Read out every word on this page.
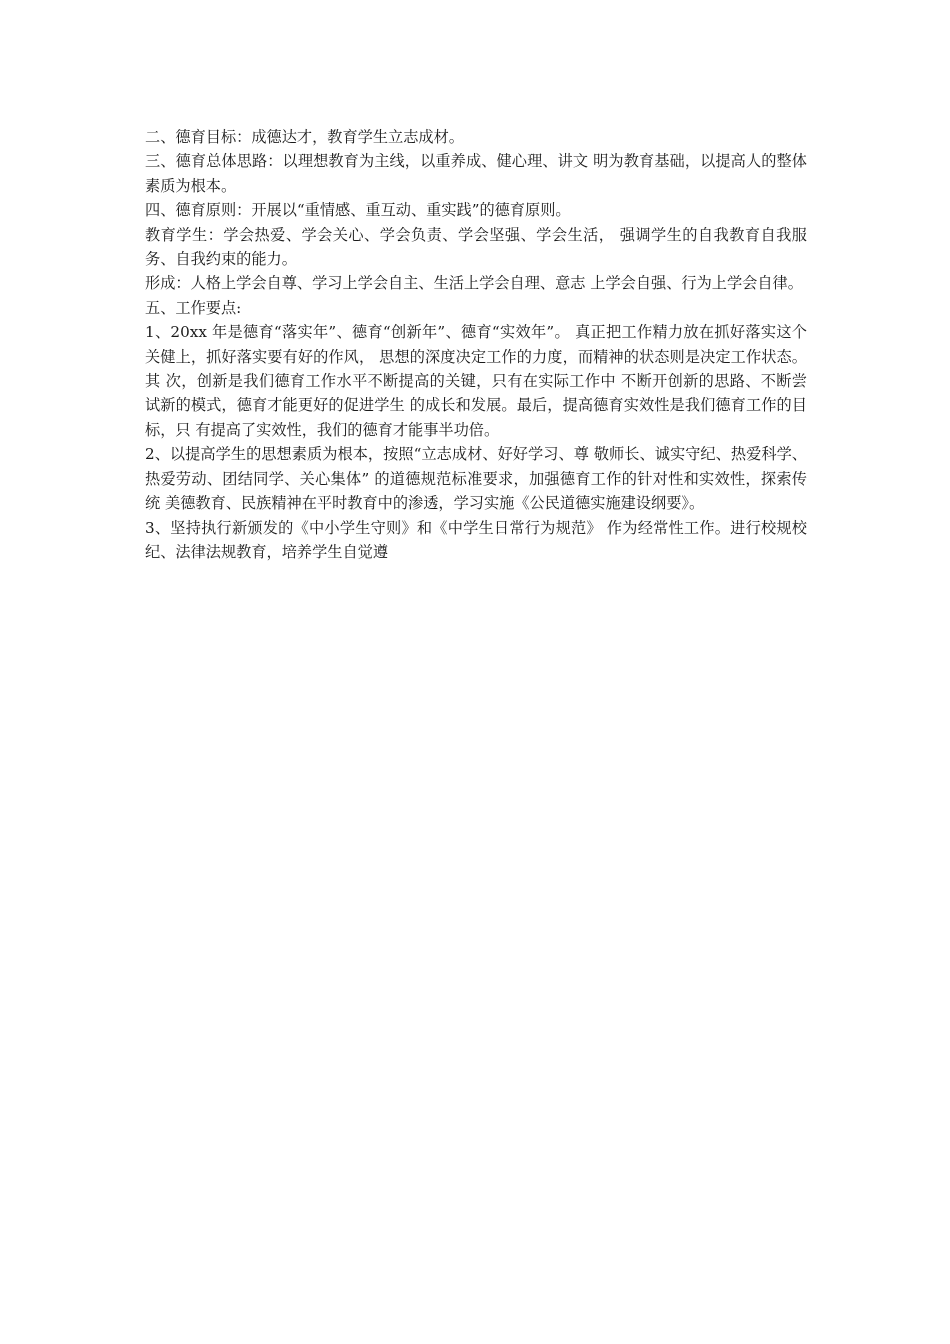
二、德育目标：成德达才，教育学生立志成材。

三、德育总体思路：以理想教育为主线，以重养成、健心理、讲文 明为教育基础，以提高人的整体素质为根本。

四、德育原则：开展以“重情感、重互动、重实践”的德育原则。

教育学生：学会热爱、学会关心、学会负责、学会坚强、学会生活， 强调学生的自我教育自我服务、自我约束的能力。

形成：人格上学会自尊、学习上学会自主、生活上学会自理、意志 上学会自强、行为上学会自律。

五、工作要点:

1、20xx 年是德育“落实年”、德育“创新年”、德育“实效年”。 真正把工作精力放在抓好落实这个关健上，抓好落实要有好的作风， 思想的深度决定工作的力度，而精神的状态则是决定工作状态。其 次，创新是我们德育工作水平不断提高的关键，只有在实际工作中 不断开创新的思路、不断尝试新的模式，德育才能更好的促进学生 的成长和发展。最后，提高德育实效性是我们德育工作的目标，只 有提高了实效性，我们的德育才能事半功倍。

2、以提高学生的思想素质为根本，按照“立志成材、好好学习、尊 敬师长、诚实守纪、热爱科学、热爱劳动、团结同学、关心集体” 的道德规范标准要求，加强德育工作的针对性和实效性，探索传统 美德教育、民族精神在平时教育中的渗透，学习实施《公民道德实施建设纲要》。

3、坚持执行新颁发的《中小学生守则》和《中学生日常行为规范》 作为经常性工作。进行校规校纪、法律法规教育，培养学生自觉遵
